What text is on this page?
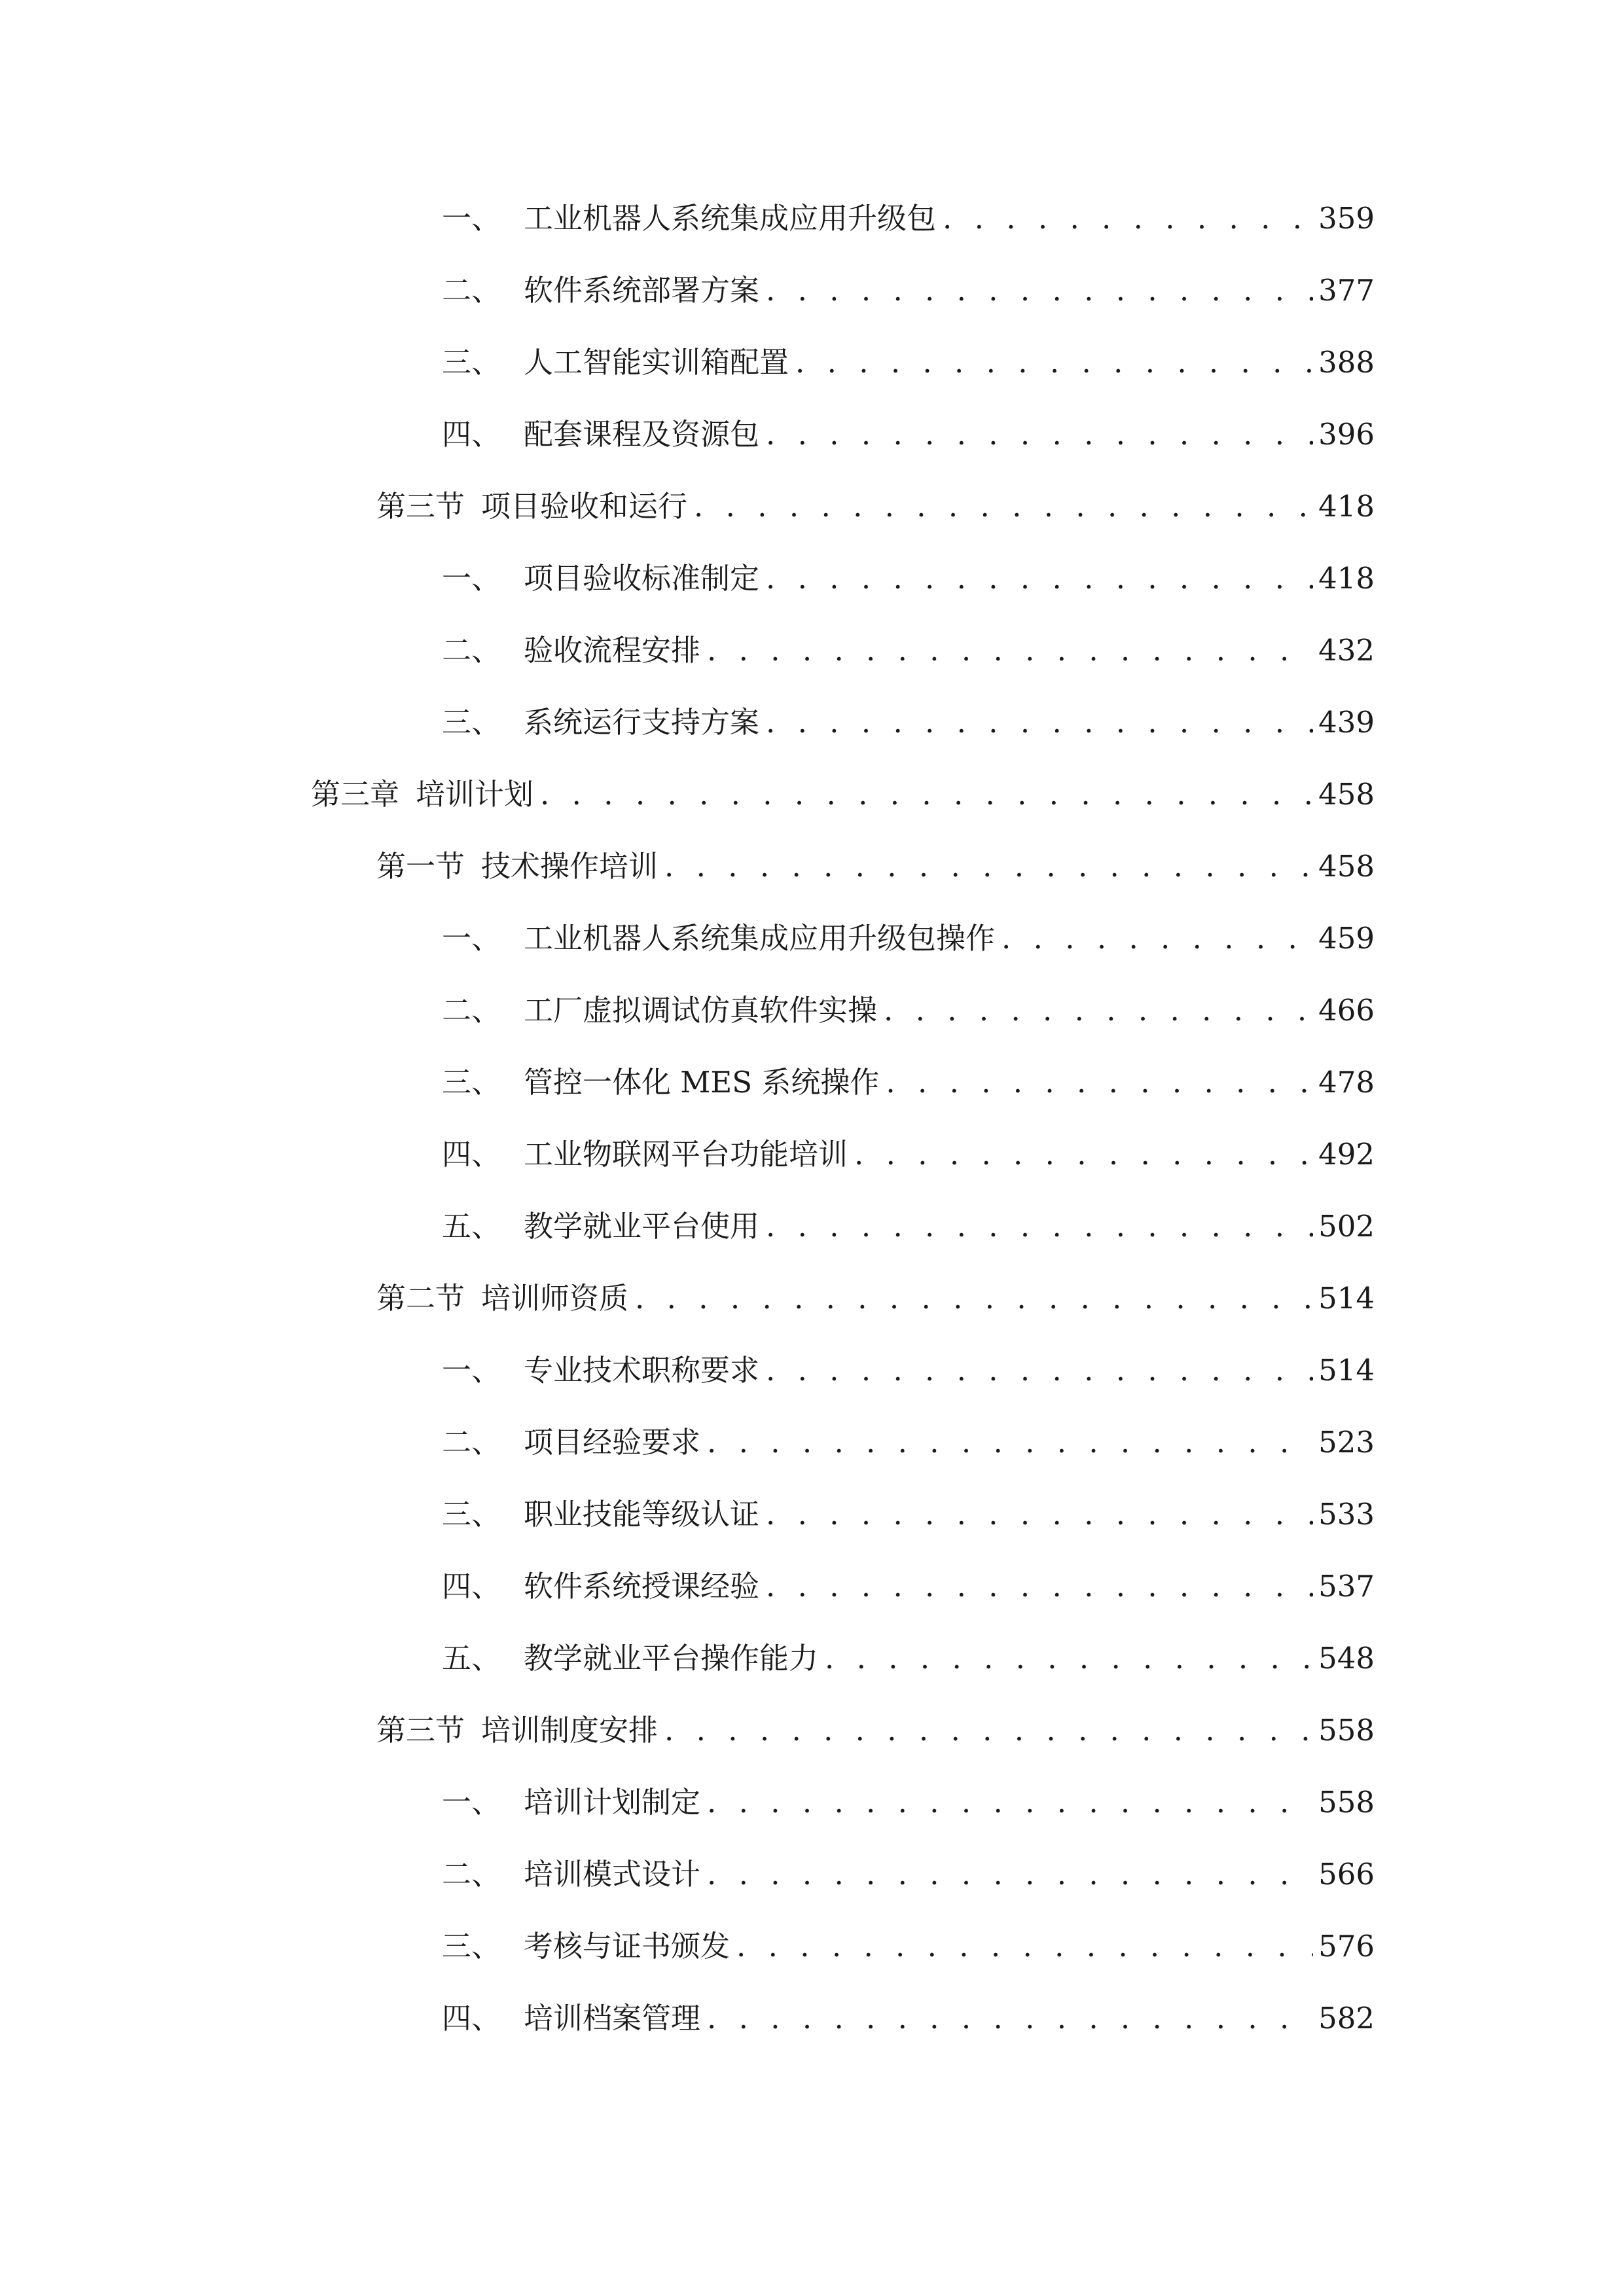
一、 工业机器人系统集成应用升级包 . . .	359
二、 软件系统部署方案 . . .	377
三、 人工智能实训箱配置 . . .	388
四、 配套课程及资源包 . . .	396
第三节 项目验收和运行 . . .	418
一、 项目验收标准制定 . . .	418
二、 验收流程安排 . . .	432
三、 系统运行支持方案 . . .	439
第三章 培训计划 . . .	458
第一节 技术操作培训 . . .	458
一、 工业机器人系统集成应用升级包操作 . . .	459
二、 工厂虚拟调试仿真软件实操 . . .	466
三、 管控一体化 MES 系统操作 . . .	478
四、 工业物联网平台功能培训 . . .	492
五、 教学就业平台使用 . . .	502
第二节 培训师资质 . . .	514
一、 专业技术职称要求 . . .	514
二、 项目经验要求 . . .	523
三、 职业技能等级认证 . . .	533
四、 软件系统授课经验 . . .	537
五、 教学就业平台操作能力 . . .	548
第三节 培训制度安排 . . .	558
一、 培训计划制定 . . .	558
二、 培训模式设计 . . .	566
三、 考核与证书颁发 . . .	576
四、 培训档案管理 . . .	582
